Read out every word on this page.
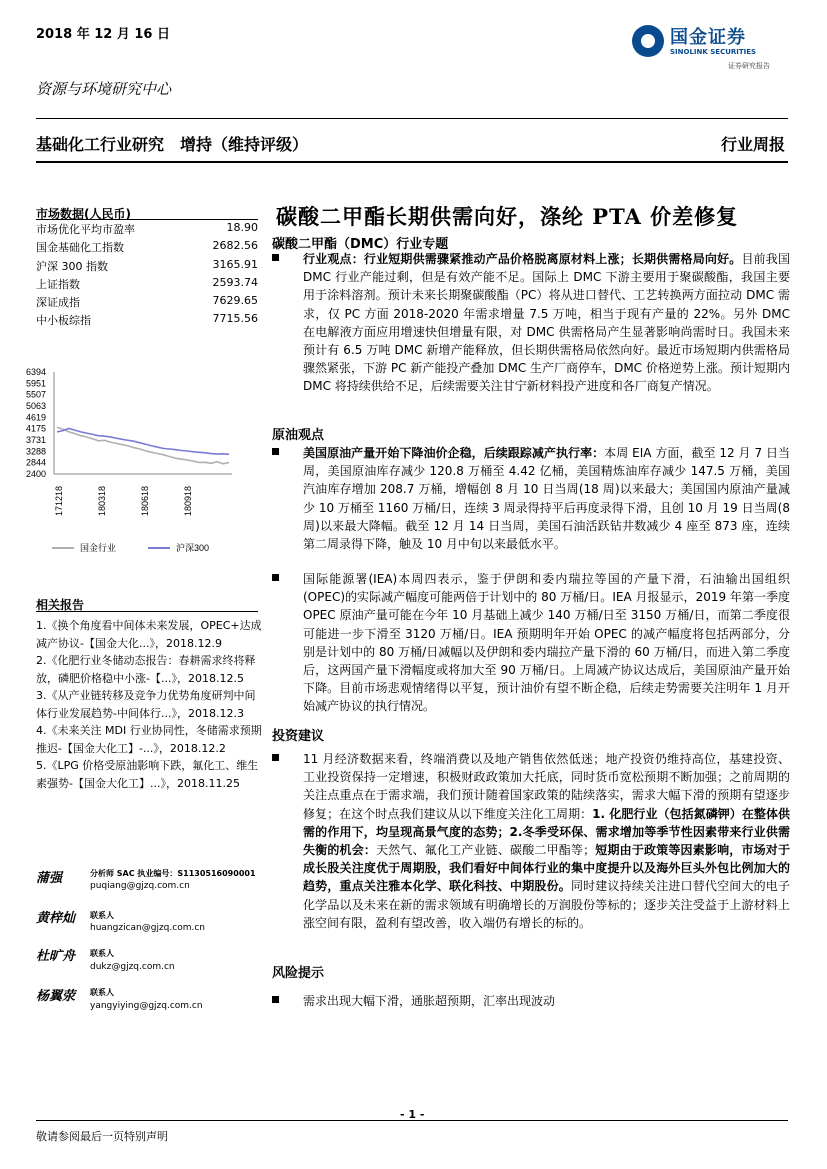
2018 年 12 月 16 日
资源与环境研究中心
国金证券
SINOLINK SECURITIES
证券研究报告
基础化工行业研究　增持（维持评级）	行业周报
市场数据(人民币)
市场优化平均市盈率	18.90
国金基础化工指数	2682.56
沪深 300 指数	3165.91
上证指数	2593.74
深证成指	7629.65
中小板综指	7715.56
6394
5951
5507
5063
4619
4175
3731
3288
2844
2400
171218	180318	180618	180918
国金行业	沪深300
相关报告
1.《换个角度看中间体未来发展，OPEC+达成减产协议-【国金大化...》，2018.12.9
2.《化肥行业冬储动态报告：春耕需求终将释放，磷肥价格稳中小涨-【...》，2018.12.5
3.《从产业链转移及竞争力优势角度研判中间体行业发展趋势-中间体行...》，2018.12.3
4.《未来关注 MDI 行业协同性，冬储需求预期推迟-【国金大化工】-...》，2018.12.2
5.《LPG 价格受原油影响下跌，氟化工、维生素强势-【国金大化工】...》，2018.11.25
蒲强	分析师 SAC 执业编号：S1130516090001
puqiang@gjzq.com.cn
黄梓灿 联系人
huangzican@gjzq.com.cn
杜旷舟 联系人
dukz@gjzq.com.cn
杨翼荥 联系人
yangyiying@gjzq.com.cn
碳酸二甲酯长期供需向好，涤纶 PTA 价差修复
碳酸二甲酯（DMC）行业专题

行业观点：行业短期供需骤紧推动产品价格脱离原材料上涨；长期供需格局向好。目前我国 DMC 行业产能过剩，但是有效产能不足。国际上 DMC 下游主要用于聚碳酸酯，我国主要用于涂料溶剂。预计未来长期聚碳酸酯（PC）将从进口替代、工艺转换两方面拉动 DMC 需求，仅 PC 方面 2018-2020 年需求增量 7.5 万吨，相当于现有产量的 22%。另外 DMC 在电解液方面应用增速快但增量有限，对 DMC 供需格局产生显著影响尚需时日。我国未来预计有 6.5 万吨 DMC 新增产能释放，但长期供需格局依然向好。最近市场短期内供需格局骤然紧张，下游 PC 新产能投产叠加 DMC 生产厂商停车，DMC 价格逆势上涨。预计短期内 DMC 将持续供给不足，后续需要关注甘宁新材料投产进度和各厂商复产情况。

原油观点

美国原油产量开始下降油价企稳，后续跟踪减产执行率：本周 EIA 方面，截至 12 月 7 日当周，美国原油库存减少 120.8 万桶至 4.42 亿桶，美国精炼油库存减少 147.5 万桶，美国汽油库存增加 208.7 万桶，增幅创 8 月 10 日当周(18 周)以来最大；美国国内原油产量减少 10 万桶至 1160 万桶/日，连续 3 周录得持平后再度录得下滑，且创 10 月 19 日当周(8 周)以来最大降幅。截至 12 月 14 日当周，美国石油活跃钻井数减少 4 座至 873 座，连续第二周录得下降，触及 10 月中旬以来最低水平。

国际能源署(IEA)本周四表示，鉴于伊朗和委内瑞拉等国的产量下滑，石油输出国组织(OPEC)的实际减产幅度可能两倍于计划中的 80 万桶/日。IEA 月报显示，2019 年第一季度 OPEC 原油产量可能在今年 10 月基础上减少 140 万桶/日至 3150 万桶/日，而第二季度很可能进一步下滑至 3120 万桶/日。IEA 预期明年开始 OPEC 的减产幅度将包括两部分，分别是计划中的 80 万桶/日减幅以及伊朗和委内瑞拉产量下滑的 60 万桶/日，而进入第二季度后，这两国产量下滑幅度或将加大至 90 万桶/日。上周减产协议达成后，美国原油产量开始下降。目前市场悲观情绪得以平复，预计油价有望不断企稳，后续走势需要关注明年 1 月开始减产协议的执行情况。

投资建议

11 月经济数据来看，终端消费以及地产销售依然低迷；地产投资仍维持高位，基建投资、工业投资保持一定增速，积极财政政策加大托底，同时货币宽松预期不断加强；之前周期的关注点重点在于需求端，我们预计随着国家政策的陆续落实，需求大幅下滑的预期有望逐步修复；在这个时点我们建议从以下维度关注化工周期：1. 化肥行业（包括氮磷钾）在整体供需的作用下，均呈现高景气度的态势；2.冬季受环保、需求增加等季节性因素带来行业供需失衡的机会：天然气、氟化工产业链、碳酸二甲酯等；短期由于政策等因素影响，市场对于成长股关注度优于周期股，我们看好中间体行业的集中度提升以及海外巨头外包比例加大的趋势，重点关注雅本化学、联化科技、中期股份。同时建议持续关注进口替代空间大的电子化学品以及未来在新的需求领域有明确增长的万润股份等标的；逐步关注受益于上游材料上涨空间有限，盈利有望改善，收入端仍有增长的标的。

风险提示

需求出现大幅下滑，通胀超预期，汇率出现波动

- 1 -
敬请参阅最后一页特别声明
